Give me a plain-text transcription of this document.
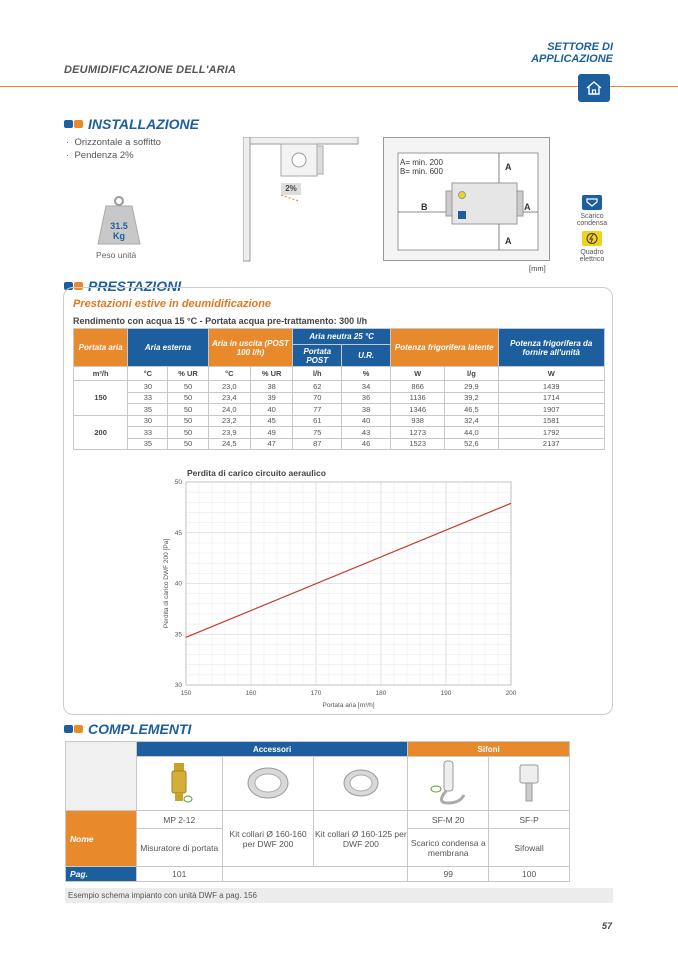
DEUMIDIFICAZIONE DELL'ARIA
SETTORE DI
APPLICAZIONE
INSTALLAZIONE
·  Orizzontale a soffitto
·  Pendenza 2%
31.5
Kg
Peso unità
2%
A= min. 200
B= min. 600	A
B	A
A
[mm]
Scarico
condensa
Quadro
elettrico
PRESTAZIONI
Prestazioni estive in deumidificazione
Rendimento con acqua 15 °C - Portata acqua pre-trattamento: 300 l/h
Portata aria	Aria esterna		Aria in uscita (POST 100 l/h)		Aria neutra 25 °C		Potenza frigorifera latente		Potenza frigorifera da fornire all'unità
					Portata POST	U.R.			
m³/h	°C	% UR	°C	% UR	l/h	%	W	l/g	W
150	30	50	23,0	38	62	34	866	29,9	1439
	33	50	23,4	39	70	36	1136	39,2	1714
	35	50	24,0	40	77	38	1346	46,5	1907
200	30	50	23,2	45	61	40	938	32,4	1581
	33	50	23,9	49	75	43	1273	44,0	1792
	35	50	24,5	47	87	46	1523	52,6	2137
Perdita di carico circuito aeraulico
150	160	170	180	190	200
30
35
40
45
50
Portata aria [m³/h]
Perdita di carico DWF 200 [Pa]
COMPLEMENTI
	Accessori			Sifoni	

Nome	MP 2-12	Kit collari Ø 160-160 per DWF 200	Kit collari Ø 160-125 per DWF 200	SF-M 20	SF-P
	Misuratore di portata			Scarico condensa a membrana	Sifowall
Pag.	101			99	100
Esempio schema impianto con unità DWF a pag. 156
57
